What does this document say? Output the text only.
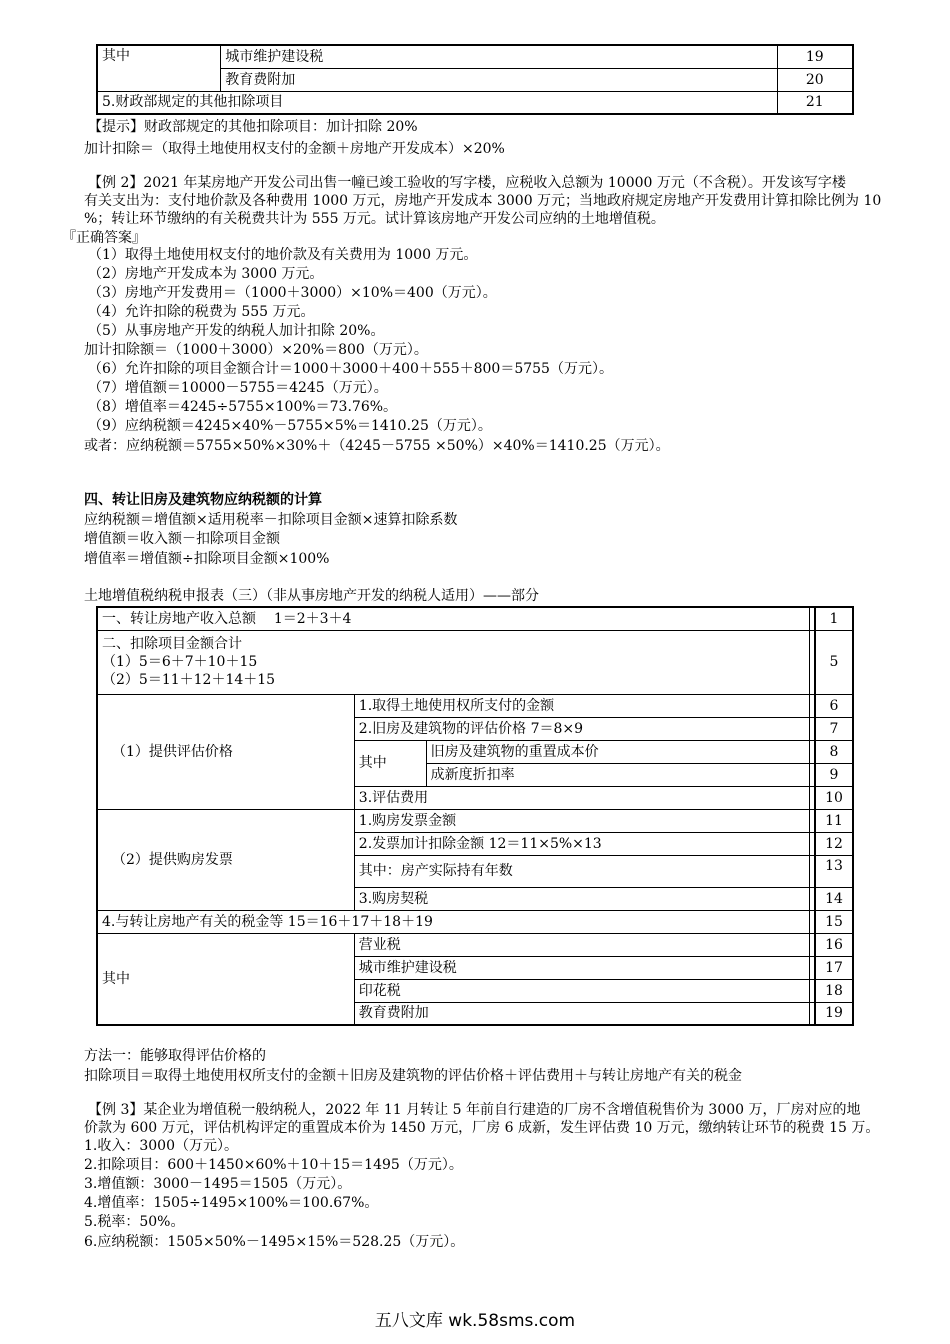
其中	城市维护建设税	19
	教育费附加	20
5.财政部规定的其他扣除项目		21
【提示】财政部规定的其他扣除项目：加计扣除 20%
加计扣除＝（取得土地使用权支付的金额＋房地产开发成本）×20%
【例 2】2021 年某房地产开发公司出售一幢已竣工验收的写字楼，应税收入总额为 10000 万元（不含税）。开发该写字楼
有关支出为：支付地价款及各种费用 1000 万元，房地产开发成本 3000 万元；当地政府规定房地产开发费用计算扣除比例为 10
%；转让环节缴纳的有关税费共计为 555 万元。试计算该房地产开发公司应纳的土地增值税。
『正确答案』
（1）取得土地使用权支付的地价款及有关费用为 1000 万元。
（2）房地产开发成本为 3000 万元。
（3）房地产开发费用＝（1000＋3000）×10%＝400（万元）。
（4）允许扣除的税费为 555 万元。
（5）从事房地产开发的纳税人加计扣除 20%。
加计扣除额＝（1000＋3000）×20%＝800（万元）。
（6）允许扣除的项目金额合计＝1000＋3000＋400＋555＋800＝5755（万元）。
（7）增值额＝10000－5755＝4245（万元）。
（8）增值率＝4245÷5755×100%＝73.76%。
（9）应纳税额＝4245×40%－5755×5%＝1410.25（万元）。
或者：应纳税额＝5755×50%×30%＋（4245－5755 ×50%）×40%＝1410.25（万元）。
四、转让旧房及建筑物应纳税额的计算
应纳税额＝增值额×适用税率－扣除项目金额×速算扣除系数
增值额＝收入额－扣除项目金额
增值率＝增值额÷扣除项目金额×100%
土地增值税纳税申报表（三）（非从事房地产开发的纳税人适用）——部分
一、转让房地产收入总额 1＝2＋3＋4				1

二、扣除项目金额合计
（1）5＝6＋7＋10＋15
（2）5＝11＋12＋14＋15				5
（1）提供评估价格	1.取得土地使用权所支付的金额			6
	2.旧房及建筑物的评估价格 7＝8×9			7
	其中	旧房及建筑物的重置成本价		8
		成新度折扣率		9
	3.评估费用			10
（2）提供购房发票	1.购房发票金额			11
	2.发票加计扣除金额 12＝11×5%×13			12
	其中：房产实际持有年数			13
	3.购房契税			14
4.与转让房地产有关的税金等 15＝16＋17＋18＋19				15
其中	营业税			16
	城市维护建设税			17
	印花税			18
	教育费附加			19
方法一：能够取得评估价格的
扣除项目＝取得土地使用权所支付的金额＋旧房及建筑物的评估价格＋评估费用＋与转让房地产有关的税金
【例 3】某企业为增值税一般纳税人，2022 年 11 月转让 5 年前自行建造的厂房不含增值税售价为 3000 万，厂房对应的地
价款为 600 万元，评估机构评定的重置成本价为 1450 万元，厂房 6 成新，发生评估费 10 万元，缴纳转让环节的税费 15 万。
1.收入：3000（万元）。
2.扣除项目：600＋1450×60%＋10＋15＝1495（万元）。
3.增值额：3000－1495＝1505（万元）。
4.增值率：1505÷1495×100%＝100.67%。
5.税率：50%。
6.应纳税额：1505×50%－1495×15%＝528.25（万元）。
五八文库 wk.58sms.com
